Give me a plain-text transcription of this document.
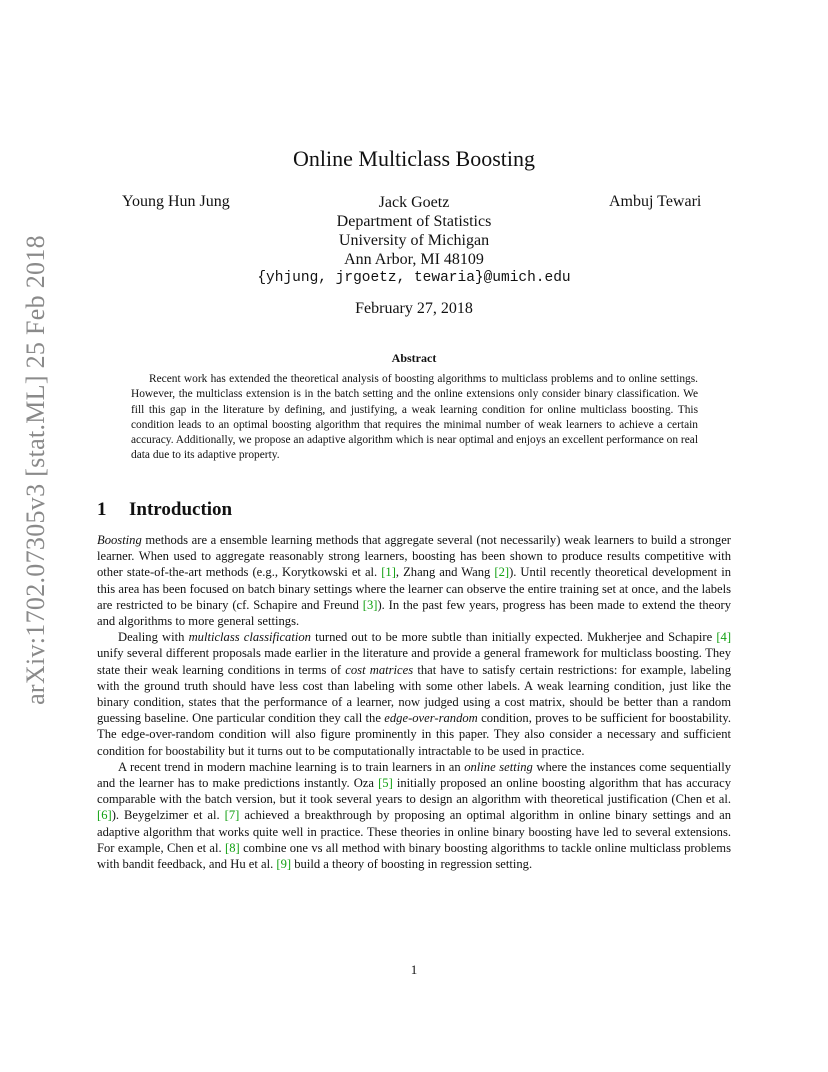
arXiv:1702.07305v3 [stat.ML] 25 Feb 2018
Online Multiclass Boosting
Young Hun Jung	Jack Goetz
Department of Statistics
University of Michigan
Ann Arbor, MI 48109
{yhjung, jrgoetz, tewaria}@umich.edu
Ambuj Tewari
February 27, 2018
Abstract

Recent work has extended the theoretical analysis of boosting algorithms to multiclass problems and to online settings. However, the multiclass extension is in the batch setting and the online extensions only consider binary classification. We fill this gap in the literature by defining, and justifying, a weak learning condition for online multiclass boosting. This condition leads to an optimal boosting algorithm that requires the minimal number of weak learners to achieve a certain accuracy. Additionally, we propose an adaptive algorithm which is near optimal and enjoys an excellent performance on real data due to its adaptive property.

1 Introduction

Boosting methods are a ensemble learning methods that aggregate several (not necessarily) weak learners to build a stronger learner. When used to aggregate reasonably strong learners, boosting has been shown to produce results competitive with other state-of-the-art methods (e.g., Korytkowski et al. [1], Zhang and Wang [2]). Until recently theoretical development in this area has been focused on batch binary settings where the learner can observe the entire training set at once, and the labels are restricted to be binary (cf. Schapire and Freund [3]). In the past few years, progress has been made to extend the theory and algorithms to more general settings.

Dealing with multiclass classification turned out to be more subtle than initially expected. Mukherjee and Schapire [4] unify several different proposals made earlier in the literature and provide a general framework for multiclass boosting. They state their weak learning conditions in terms of cost matrices that have to satisfy certain restrictions: for example, labeling with the ground truth should have less cost than labeling with some other labels. A weak learning condition, just like the binary condition, states that the performance of a learner, now judged using a cost matrix, should be better than a random guessing baseline. One particular condition they call the edge-over-random condition, proves to be sufficient for boostability. The edge-over-random condition will also figure prominently in this paper. They also consider a necessary and sufficient condition for boostability but it turns out to be computationally intractable to be used in practice.

A recent trend in modern machine learning is to train learners in an online setting where the instances come sequentially and the learner has to make predictions instantly. Oza [5] initially proposed an online boosting algorithm that has accuracy comparable with the batch version, but it took several years to design an algorithm with theoretical justification (Chen et al. [6]). Beygelzimer et al. [7] achieved a breakthrough by proposing an optimal algorithm in online binary settings and an adaptive algorithm that works quite well in practice. These theories in online binary boosting have led to several extensions. For example, Chen et al. [8] combine one vs all method with binary boosting algorithms to tackle online multiclass problems with bandit feedback, and Hu et al. [9] build a theory of boosting in regression setting.

1
